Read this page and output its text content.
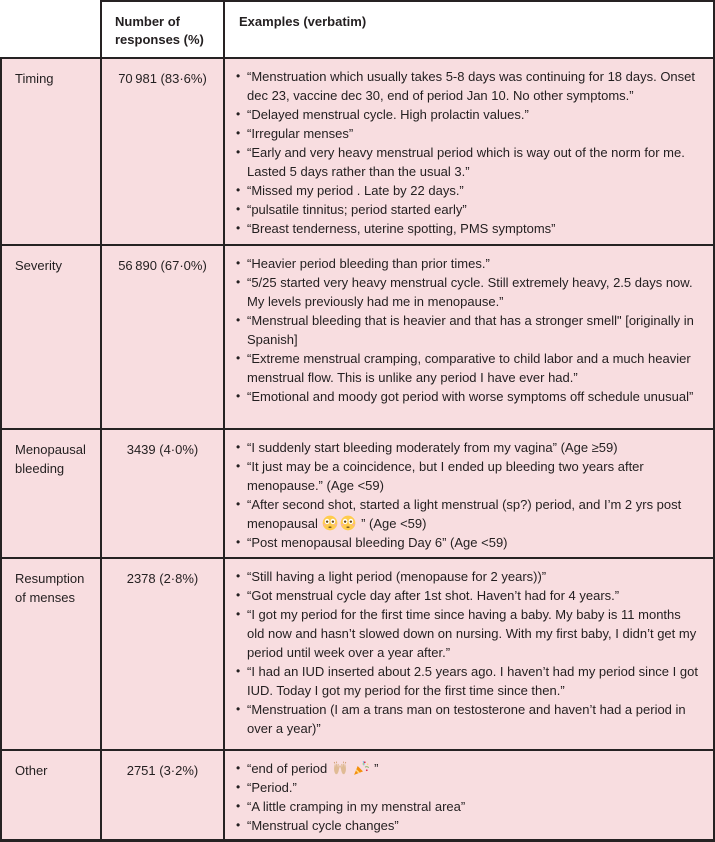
	Number of responses (%)	Examples (verbatim)
Timing	70 981 (83·6%)	
•“Menstruation which usually takes 5-8 days was continuing for 18 days. Onset dec 23, vaccine dec 30, end of period Jan 10. No other symptoms.”
• “Delayed menstrual cycle. High prolactin values.”
• “Irregular menses”
• “Early and very heavy menstrual period which is way out of the norm for me.  Lasted 5 days rather than the usual 3.”
• “Missed my period . Late by 22 days.”
• “pulsatile tinnitus; period started early”
• “Breast tenderness, uterine spotting, PMS symptoms”

Severity	56 890 (67·0%)	
•“Heavier period bleeding than prior times.”
• “5/25 started very heavy menstrual cycle. Still extremely heavy, 2.5 days now.  My levels previously had me in menopause.”
• “Menstrual bleeding that is heavier and that has a stronger smell" [originally in Spanish]
• “Extreme menstrual cramping, comparative to child labor and a much heavier menstrual flow. This is unlike any period I have ever had.”
• “Emotional and moody got period with worse symptoms off schedule unusual”

Menopausal bleeding	3439 (4·0%)	
•“I suddenly start bleeding moderately from my vagina” (Age ≥59)
• “It just may be a coincidence, but I ended up bleeding two years after menopause.” (Age <59)
• “After second shot, started a light menstrual (sp?) period, and I’m 2 yrs post menopausal	” (Age <59)
• “Post menopausal bleeding Day 6” (Age <59)

Resumption of menses	2378 (2·8%)	
•“Still having a light period (menopause for 2 years))”
• “Got menstrual cycle day after 1st shot. Haven’t had for 4 years.”
• “I got my period for the first time since having a baby. My baby is 11 months old now and hasn’t slowed down on nursing. With my first baby, I didn’t get my period until week over a year after.”
• “I had an IUD inserted about 2.5 years ago. I haven’t had my period since I got IUD. Today I got my period for the first time since then.”
• “Menstruation (I am a trans man on testosterone and haven’t had a period in over a year)”

Other	2751 (3·2%)	
•“end of period
	”
• “Period.”
• “A little cramping in my menstral area”
• “Menstrual cycle changes”
